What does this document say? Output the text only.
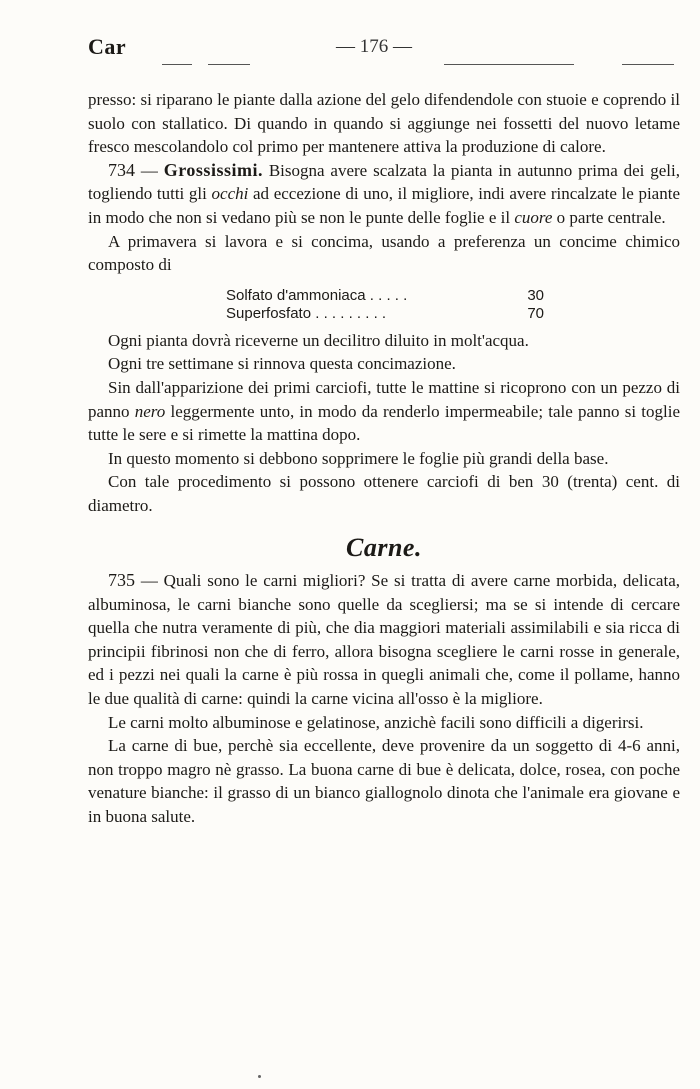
Car	— 176 —

presso: si riparano le piante dalla azione del gelo difendendole con stuoie e coprendo il suolo con stallatico. Di quando in quando si aggiunge nei fossetti del nuovo letame fresco mescolandolo col primo per mantenere attiva la produzione di calore.

734 — Grossissimi. Bisogna avere scalzata la pianta in autunno prima dei geli, togliendo tutti gli occhi ad eccezione di uno, il migliore, indi avere rincalzate le piante in modo che non si vedano più se non le punte delle foglie e il cuore o parte centrale.

A primavera si lavora e si concima, usando a preferenza un concime chimico composto di

Solfato d'ammoniaca . . . . .	30
Superfosfato . . . . . . . . .	70

Ogni pianta dovrà riceverne un decilitro diluito in molt'acqua.

Ogni tre settimane si rinnova questa concimazione.

Sin dall'apparizione dei primi carciofi, tutte le mattine si ricoprono con un pezzo di panno nero leggermente unto, in modo da renderlo impermeabile; tale panno si toglie tutte le sere e si rimette la mattina dopo.

In questo momento si debbono sopprimere le foglie più grandi della base.

Con tale procedimento si possono ottenere carciofi di ben 30 (trenta) cent. di diametro.

Carne.

735 — Quali sono le carni migliori? Se si tratta di avere carne morbida, delicata, albuminosa, le carni bianche sono quelle da scegliersi; ma se si intende di cercare quella che nutra veramente di più, che dia maggiori materiali assimilabili e sia ricca di principii fibrinosi non che di ferro, allora bisogna scegliere le carni rosse in generale, ed i pezzi nei quali la carne è più rossa in quegli animali che, come il pollame, hanno le due qualità di carne: quindi la carne vicina all'osso è la migliore.

Le carni molto albuminose e gelatinose, anzichè facili sono difficili a digerirsi.

La carne di bue, perchè sia eccellente, deve provenire da un soggetto di 4-6 anni, non troppo magro nè grasso. La buona carne di bue è delicata, dolce, rosea, con poche venature bianche: il grasso di un bianco giallognolo dinota che l'animale era giovane e in buona salute.
